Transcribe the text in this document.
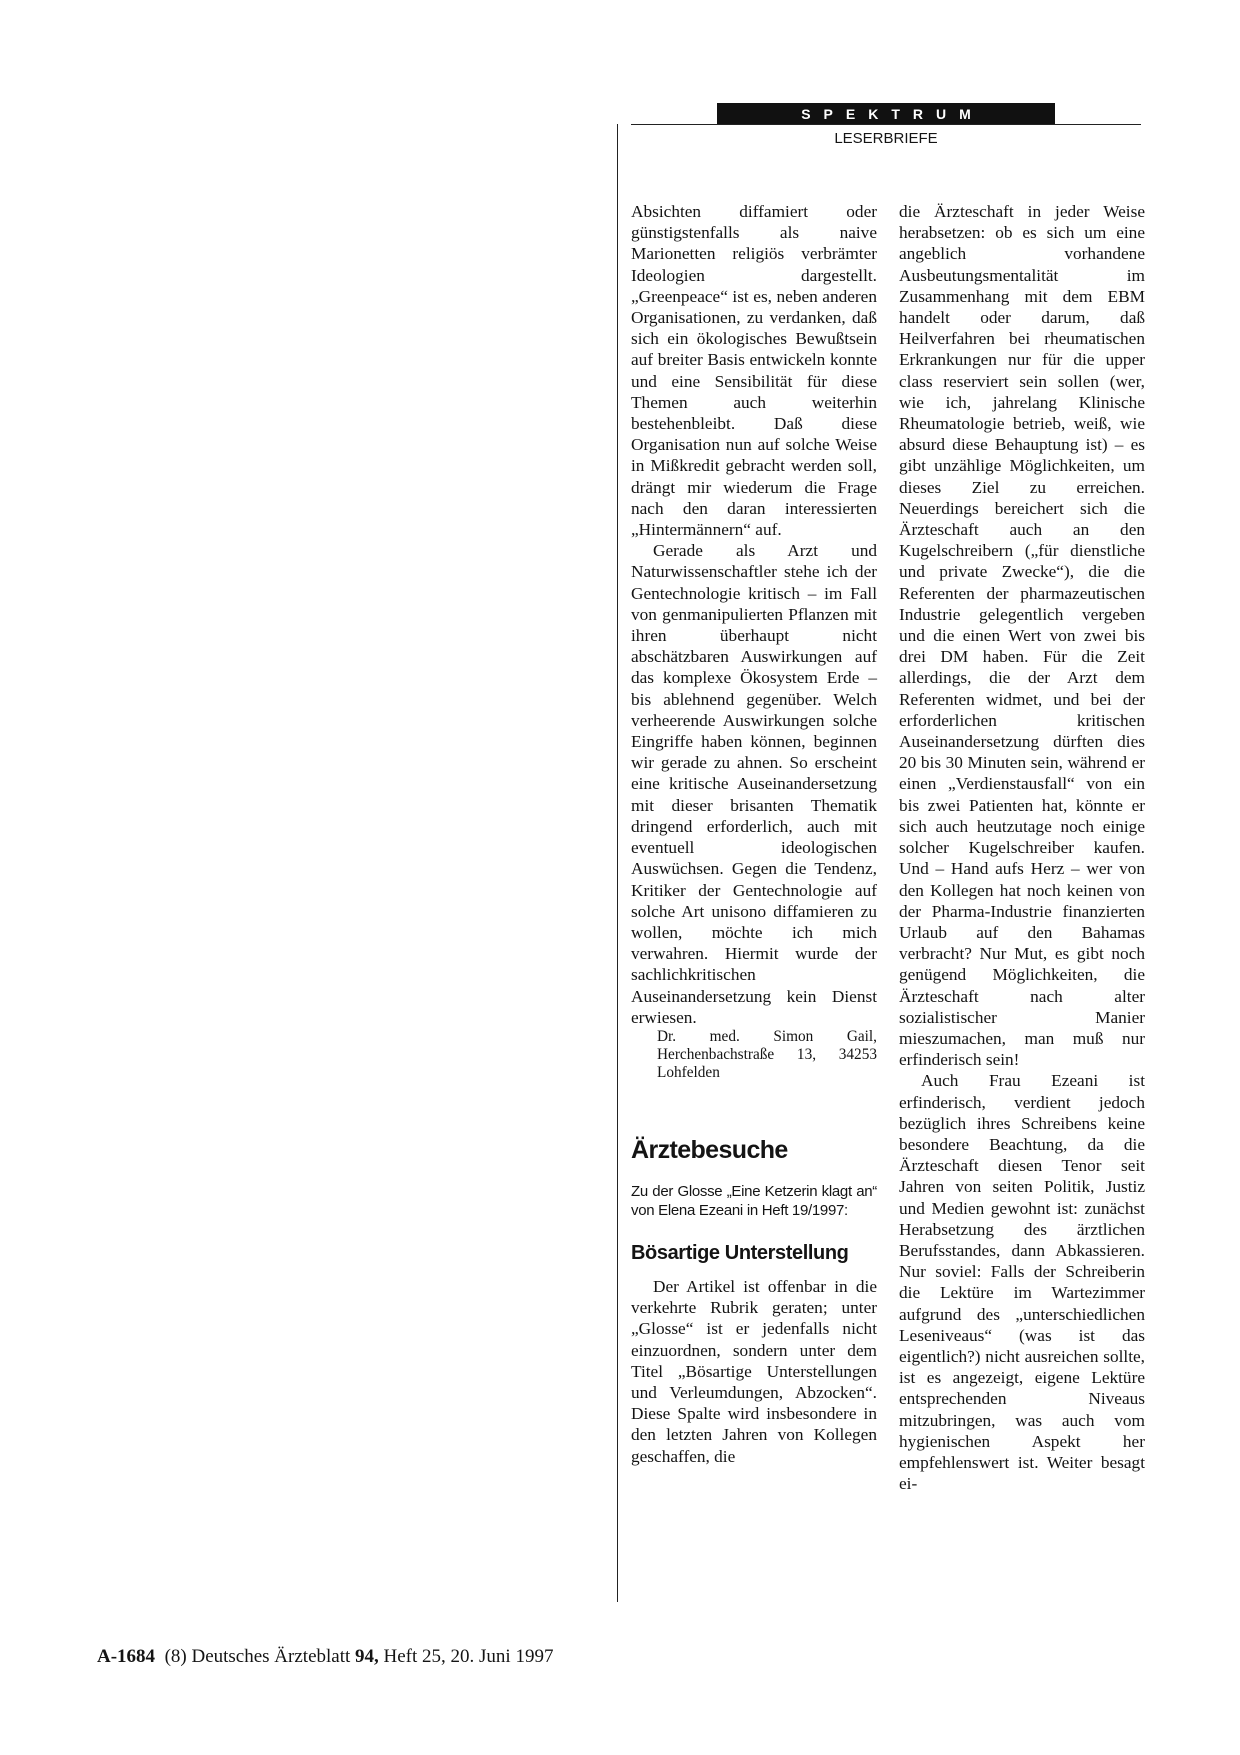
SPEKTRUM
LESERBRIEFE

Absichten diffamiert oder günstigstenfalls als naive Marionetten religiös verbrämter Ideologien dargestellt. „Greenpeace“ ist es, neben anderen Organisationen, zu verdanken, daß sich ein ökologisches Bewußtsein auf breiter Basis entwickeln konnte und eine Sensibilität für diese Themen auch weiterhin bestehenbleibt. Daß diese Organisation nun auf solche Weise in Mißkredit gebracht werden soll, drängt mir wiederum die Frage nach den daran interessierten „Hintermännern“ auf.

Gerade als Arzt und Naturwissenschaftler stehe ich der Gentechnologie kritisch – im Fall von genmanipulierten Pflanzen mit ihren überhaupt nicht abschätzbaren Auswirkungen auf das komplexe Ökosystem Erde – bis ablehnend gegenüber. Welch verheerende Auswirkungen solche Eingriffe haben können, beginnen wir gerade zu ahnen. So erscheint eine kritische Auseinandersetzung mit dieser brisanten Thematik dringend erforderlich, auch mit eventuell ideologischen Auswüchsen. Gegen die Tendenz, Kritiker der Gentechnologie auf solche Art unisono diffamieren zu wollen, möchte ich mich verwahren. Hiermit wurde der sachlichkritischen Auseinandersetzung kein Dienst erwiesen.

Dr. med. Simon Gail, Herchenbachstraße 13, 34253 Lohfelden

Ärztebesuche
Zu der Glosse „Eine Ketzerin klagt an“ von Elena Ezeani in Heft 19/1997:
Bösartige Unterstellung

Der Artikel ist offenbar in die verkehrte Rubrik geraten; unter „Glosse“ ist er jedenfalls nicht einzuordnen, sondern unter dem Titel „Bösartige Unterstellungen und Verleumdungen, Abzocken“. Diese Spalte wird insbesondere in den letzten Jahren von Kollegen geschaffen, die

die Ärzteschaft in jeder Weise herabsetzen: ob es sich um eine angeblich vorhandene Ausbeutungsmentalität im Zusammenhang mit dem EBM handelt oder darum, daß Heilverfahren bei rheumatischen Erkrankungen nur für die upper class reserviert sein sollen (wer, wie ich, jahrelang Klinische Rheumatologie betrieb, weiß, wie absurd diese Behauptung ist) – es gibt unzählige Möglichkeiten, um dieses Ziel zu erreichen. Neuerdings bereichert sich die Ärzteschaft auch an den Kugelschreibern („für dienstliche und private Zwecke“), die die Referenten der pharmazeutischen Industrie gelegentlich vergeben und die einen Wert von zwei bis drei DM haben. Für die Zeit allerdings, die der Arzt dem Referenten widmet, und bei der erforderlichen kritischen Auseinandersetzung dürften dies 20 bis 30 Minuten sein, während er einen „Verdienstausfall“ von ein bis zwei Patienten hat, könnte er sich auch heutzutage noch einige solcher Kugelschreiber kaufen. Und – Hand aufs Herz – wer von den Kollegen hat noch keinen von der Pharma-Industrie finanzierten Urlaub auf den Bahamas verbracht? Nur Mut, es gibt noch genügend Möglichkeiten, die Ärzteschaft nach alter sozialistischer Manier mieszumachen, man muß nur erfinderisch sein!

Auch Frau Ezeani ist erfinderisch, verdient jedoch bezüglich ihres Schreibens keine besondere Beachtung, da die Ärzteschaft diesen Tenor seit Jahren von seiten Politik, Justiz und Medien gewohnt ist: zunächst Herabsetzung des ärztlichen Berufsstandes, dann Abkassieren. Nur soviel: Falls der Schreiberin die Lektüre im Wartezimmer aufgrund des „unterschiedlichen Leseniveaus“ (was ist das eigentlich?) nicht ausreichen sollte, ist es angezeigt, eigene Lektüre entsprechenden Niveaus mitzubringen, was auch vom hygienischen Aspekt her empfehlenswert ist. Weiter besagt ei-

A-1684 (8) Deutsches Ärzteblatt 94, Heft 25, 20. Juni 1997
